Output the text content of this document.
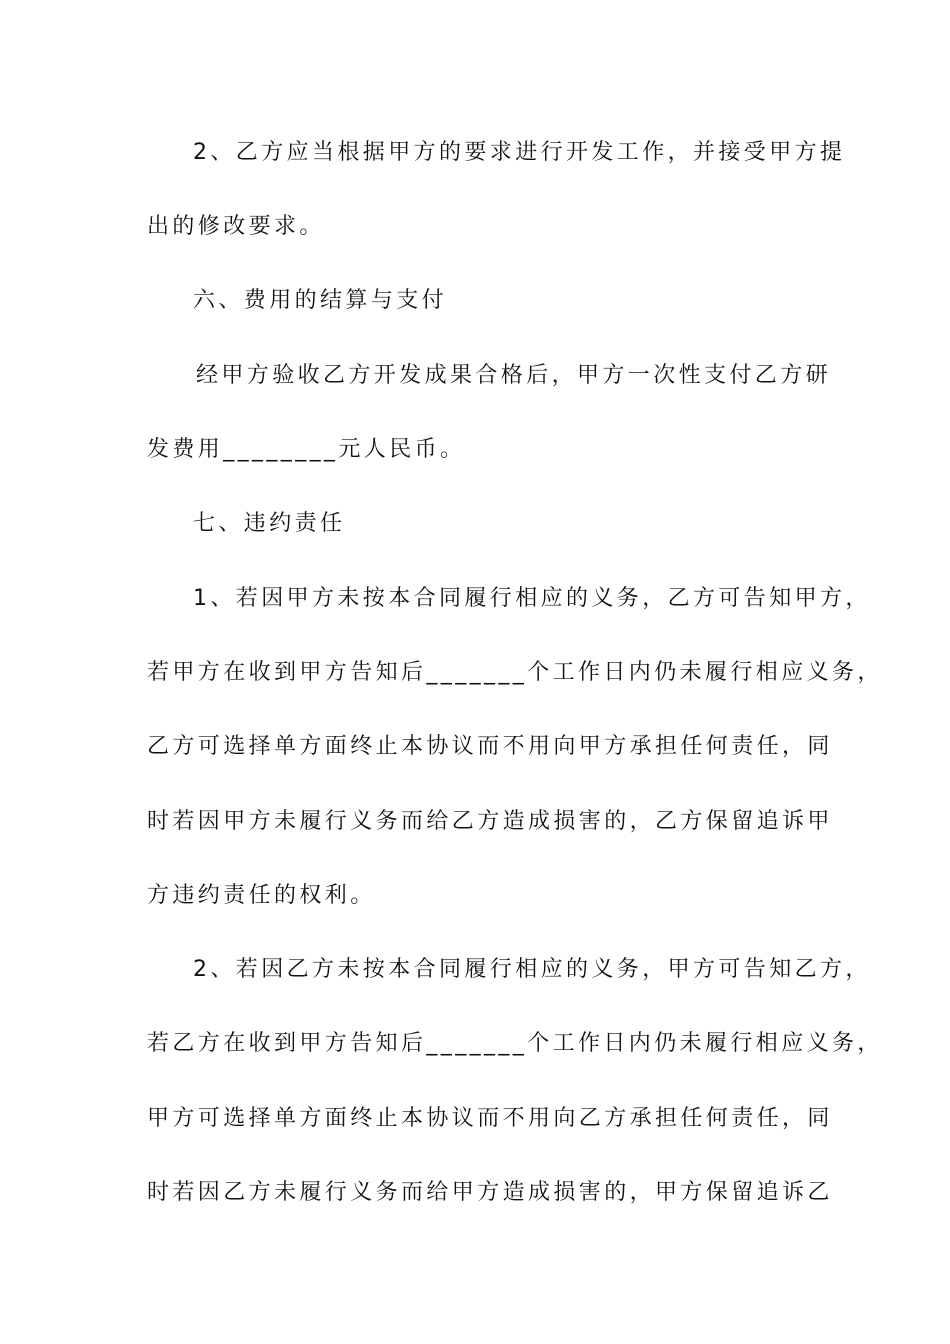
2、乙方应当根据甲方的要求进行开发工作，并接受甲方提
出的修改要求。
六、费用的结算与支付
经甲方验收乙方开发成果合格后，甲方一次性支付乙方研
发费用________元人民币。
七、违约责任
1、若因甲方未按本合同履行相应的义务，乙方可告知甲方，
若甲方在收到甲方告知后_______个工作日内仍未履行相应义务，
乙方可选择单方面终止本协议而不用向甲方承担任何责任，同
时若因甲方未履行义务而给乙方造成损害的，乙方保留追诉甲
方违约责任的权利。
2、若因乙方未按本合同履行相应的义务，甲方可告知乙方，
若乙方在收到甲方告知后_______个工作日内仍未履行相应义务，
甲方可选择单方面终止本协议而不用向乙方承担任何责任，同
时若因乙方未履行义务而给甲方造成损害的，甲方保留追诉乙
